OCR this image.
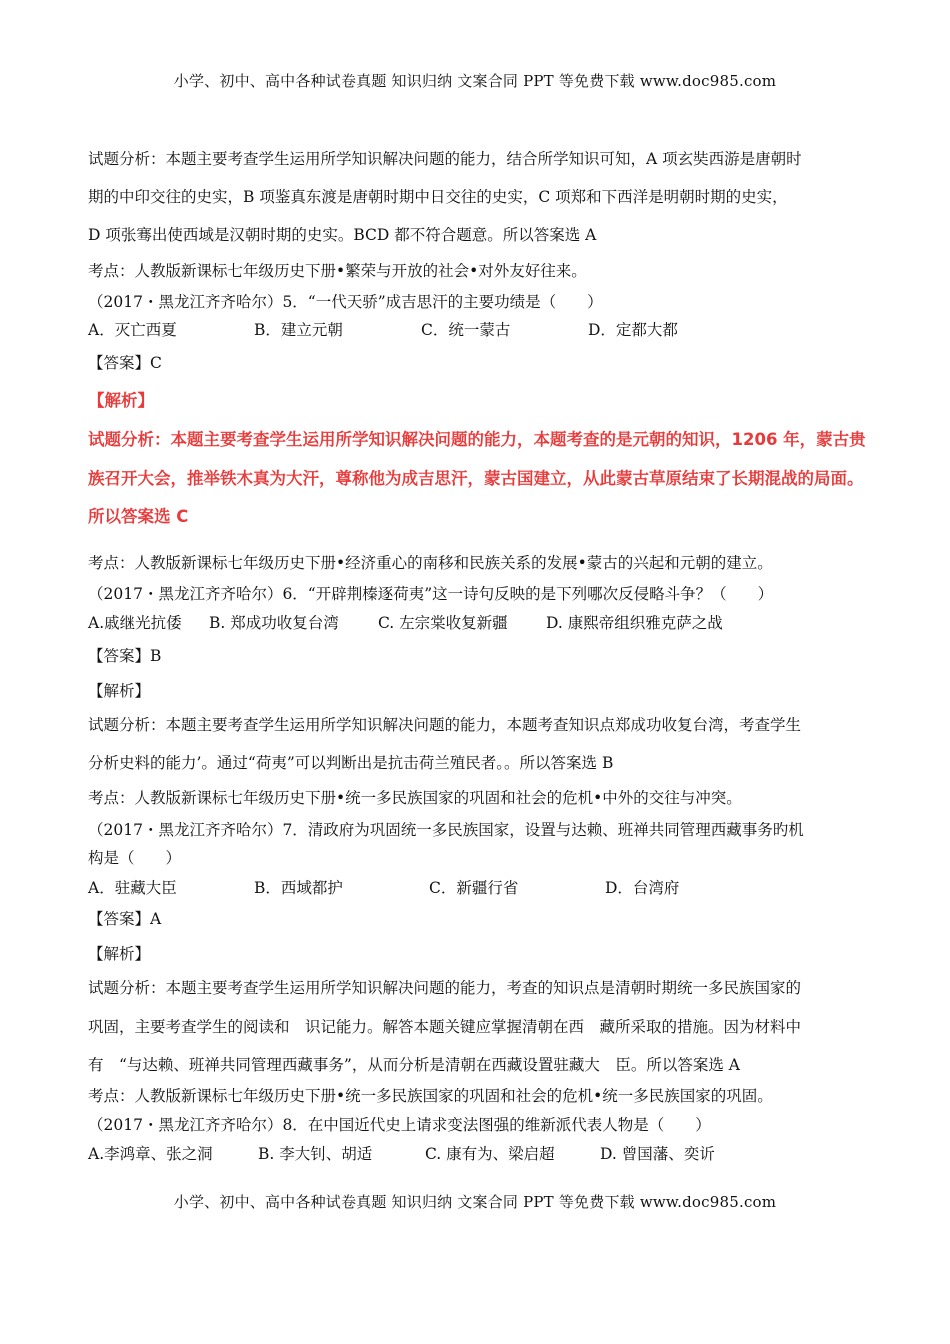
小学、初中、高中各种试卷真题 知识归纳 文案合同 PPT 等免费下载 www.doc985.com
试题分析：本题主要考查学生运用所学知识解决问题的能力，结合所学知识可知，A 项玄奘西游是唐朝时
期的中印交往的史实，B 项鉴真东渡是唐朝时期中日交往的史实，C 项郑和下西洋是明朝时期的史实，
D 项张骞出使西域是汉朝时期的史实。BCD 都不符合题意。所以答案选 A
考点：人教版新课标七年级历史下册•繁荣与开放的社会•对外友好往来。
（2017・黑龙江齐齐哈尔）5．“一代天骄”成吉思汗的主要功绩是（　　）
A．灭亡西夏	B．建立元朝	C．统一蒙古	D．定都大都
【答案】C
【解析】
试题分析：本题主要考查学生运用所学知识解决问题的能力，本题考查的是元朝的知识，1206 年，蒙古贵
族召开大会，推举铁木真为大汗，尊称他为成吉思汗，蒙古国建立，从此蒙古草原结束了长期混战的局面。
所以答案选 C
考点：人教版新课标七年级历史下册•经济重心的南移和民族关系的发展•蒙古的兴起和元朝的建立。
（2017・黑龙江齐齐哈尔）6．“开辟荆榛逐荷夷”这一诗句反映的是下列哪次反侵略斗争？（　　）
A.戚继光抗倭 B. 郑成功收复台湾	C. 左宗棠收复新疆 D. 康熙帝组织雅克萨之战
【答案】B
【解析】
试题分析：本题主要考查学生运用所学知识解决问题的能力，本题考查知识点郑成功收复台湾，考查学生
分析史料的能力’。通过“荷夷”可以判断出是抗击荷兰殖民者。。所以答案选 B
考点：人教版新课标七年级历史下册•统一多民族国家的巩固和社会的危机•中外的交往与冲突。
（2017・黑龙江齐齐哈尔）7．清政府为巩固统一多民族国家，设置与达赖、班禅共同管理西藏事务旳机
构是（　　）
A．驻藏大臣	B．西域都护	C．新疆行省	D．台湾府
【答案】A
【解析】
试题分析：本题主要考查学生运用所学知识解决问题的能力，考查的知识点是清朝时期统一多民族国家的
巩固，主要考查学生的阅读和　识记能力。解答本题关键应掌握清朝在西　藏所采取的措施。因为材料中
有　“与达赖、班禅共同管理西藏事务”，从而分析是清朝在西藏设置驻藏大　臣。所以答案选 A
考点：人教版新课标七年级历史下册•统一多民族国家的巩固和社会的危机•统一多民族国家的巩固。
（2017・黑龙江齐齐哈尔）8．在中国近代史上请求变法图强的维新派代表人物是（　　）
A.李鸿章、张之洞	B. 李大钊、胡适	C. 康有为、梁启超	D. 曾国藩、奕䜣
小学、初中、高中各种试卷真题 知识归纳 文案合同 PPT 等免费下载 www.doc985.com
